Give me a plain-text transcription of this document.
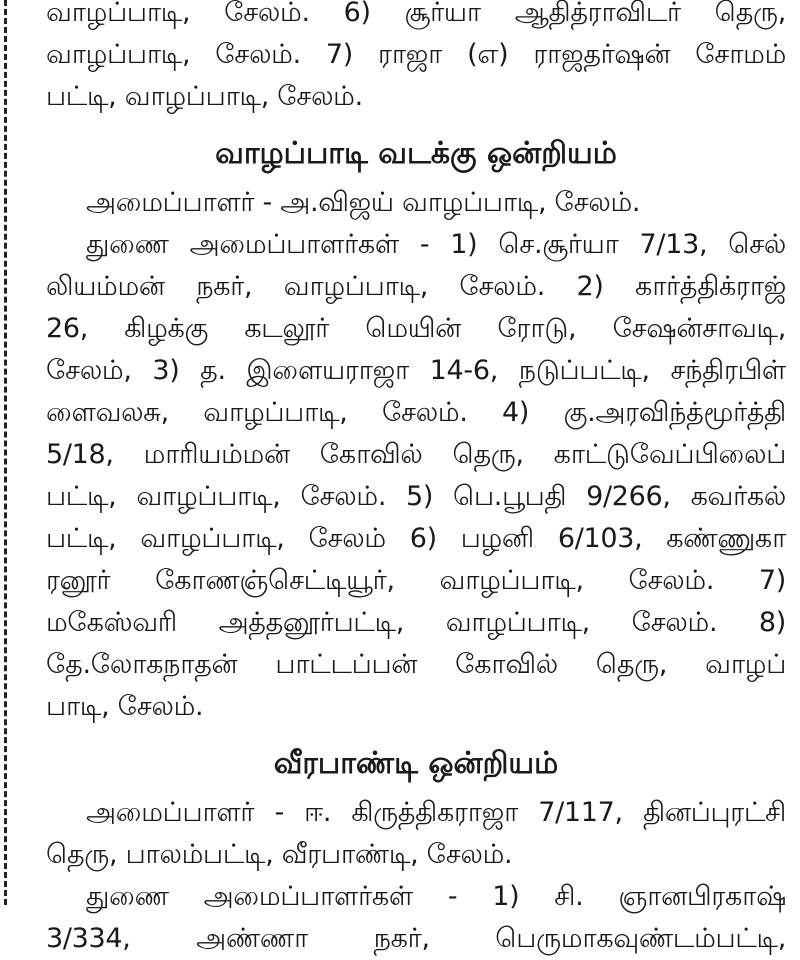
வாழப்பாடி, சேலம். 6) சூர்யா ஆதித்ராவிடர் தெரு,
வாழப்பாடி, சேலம். 7) ராஜா (எ) ராஜதர்ஷன் சோமம்
பட்டி, வாழப்பாடி, சேலம்.
வாழப்பாடி வடக்கு ஒன்றியம்
அமைப்பாளர் - அ.விஜய் வாழப்பாடி, சேலம்.
துணை அமைப்பாளர்கள் - 1) செ.சூர்யா 7/13, செல்
லியம்மன் நகர், வாழப்பாடி, சேலம். 2) கார்த்திக்ராஜ்
26, கிழக்கு கடலூர் மெயின் ரோடு, சேஷன்சாவடி,
சேலம், 3) த. இளையராஜா 14-6, நடுப்பட்டி, சந்திரபிள்
ளைவலசு, வாழப்பாடி, சேலம். 4) கு.அரவிந்த்மூர்த்தி
5/18, மாரியம்மன் கோவில் தெரு, காட்டுவேப்பிலைப்
பட்டி, வாழப்பாடி, சேலம். 5) பெ.பூபதி 9/266, கவர்கல்
பட்டி, வாழப்பாடி, சேலம் 6) பழனி 6/103, கண்ணுகா
ரனூர் கோணஞ்செட்டியூர், வாழப்பாடி, சேலம். 7)
மகேஸ்வரி அத்தனூர்பட்டி, வாழப்பாடி, சேலம். 8)
தே.லோகநாதன் பாட்டப்பன் கோவில் தெரு, வாழப்
பாடி, சேலம்.
வீரபாண்டி ஒன்றியம்
அமைப்பாளர் - ஈ. கிருத்திகராஜா 7/117, தினப்புரட்சி
தெரு, பாலம்பட்டி, வீரபாண்டி, சேலம்.
துணை அமைப்பாளர்கள் - 1) சி. ஞானபிரகாஷ்
3/334, அண்ணா நகர், பெருமாகவுண்டம்பட்டி,
